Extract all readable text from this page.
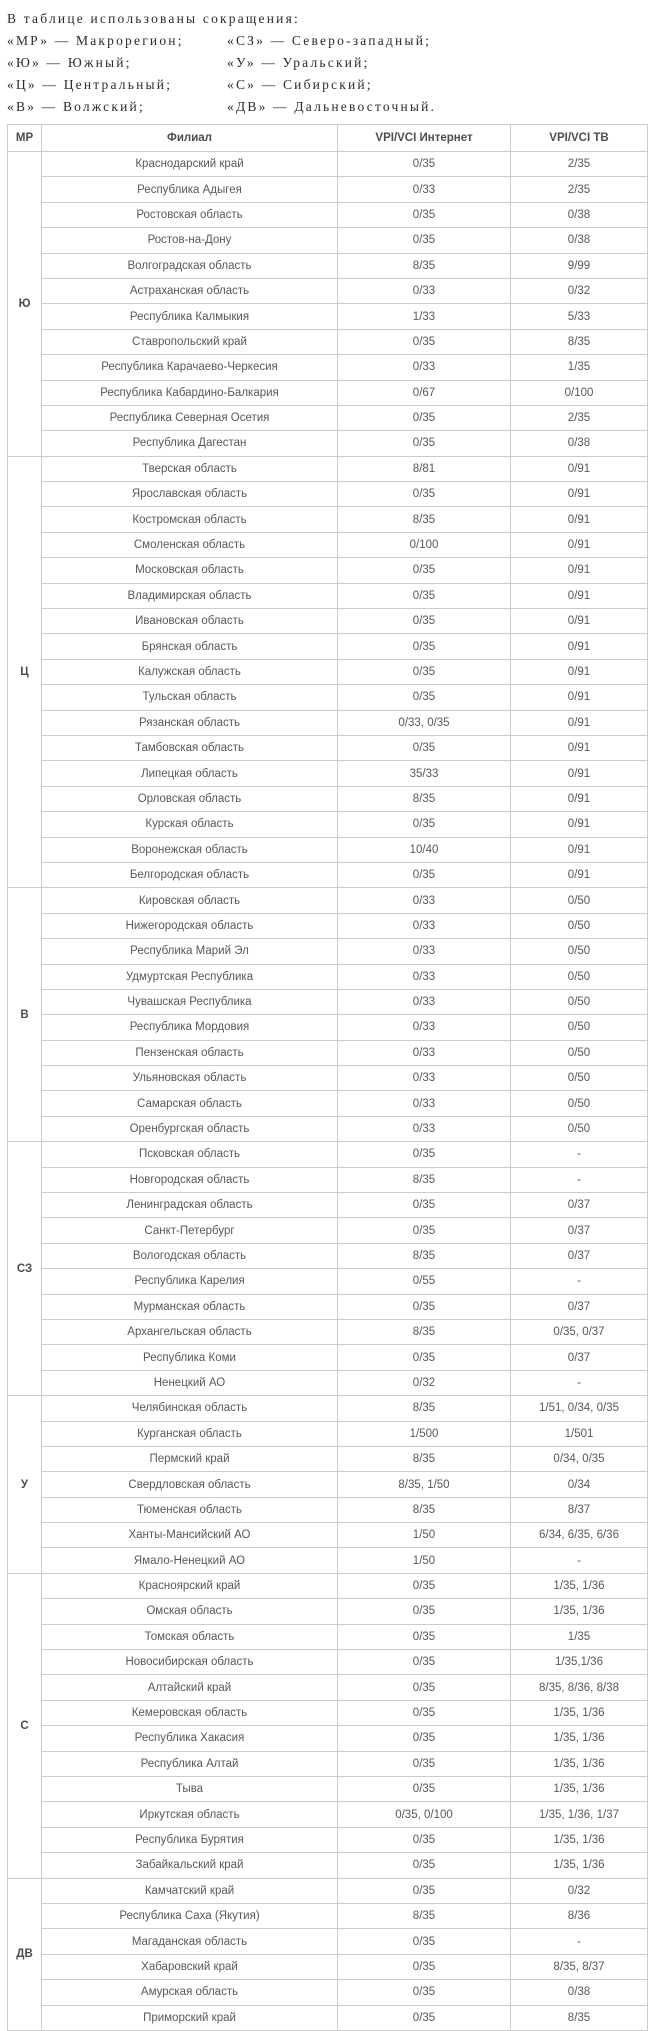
В таблице использованы сокращения:
«МР» — Макрорегион;	«СЗ» — Северо-западный;
«Ю» — Южный;	«У» — Уральский;
«Ц» — Центральный;	«С» — Сибирский;
«В» — Волжский;	«ДВ» — Дальневосточный.
МР	Филиал	VPI/VCI Интернет	VPI/VCI ТВ
Ю	Краснодарский край	0/35	2/35
	Республика Адыгея	0/33	2/35
	Ростовская область	0/35	0/38
	Ростов-на-Дону	0/35	0/38
	Волгоградская область	8/35	9/99
	Астраханская область	0/33	0/32
	Республика Калмыкия	1/33	5/33
	Ставропольский край	0/35	8/35
	Республика Карачаево-Черкесия	0/33	1/35
	Республика Кабардино-Балкария	0/67	0/100
	Республика Северная Осетия	0/35	2/35
	Республика Дагестан	0/35	0/38
Ц	Тверская область	8/81	0/91
	Ярославская область	0/35	0/91
	Костромская область	8/35	0/91
	Смоленская область	0/100	0/91
	Московская область	0/35	0/91
	Владимирская область	0/35	0/91
	Ивановская область	0/35	0/91
	Брянская область	0/35	0/91
	Калужская область	0/35	0/91
	Тульская область	0/35	0/91
	Рязанская область	0/33, 0/35	0/91
	Тамбовская область	0/35	0/91
	Липецкая область	35/33	0/91
	Орловская область	8/35	0/91
	Курская область	0/35	0/91
	Воронежская область	10/40	0/91
	Белгородская область	0/35	0/91
В	Кировская область	0/33	0/50
	Нижегородская область	0/33	0/50
	Республика Марий Эл	0/33	0/50
	Удмуртская Республика	0/33	0/50
	Чувашская Республика	0/33	0/50
	Республика Мордовия	0/33	0/50
	Пензенская область	0/33	0/50
	Ульяновская область	0/33	0/50
	Самарская область	0/33	0/50
	Оренбургская область	0/33	0/50
СЗ	Псковская область	0/35	-
	Новгородская область	8/35	-
	Ленинградская область	0/35	0/37
	Санкт-Петербург	0/35	0/37
	Вологодская область	8/35	0/37
	Республика Карелия	0/55	-
	Мурманская область	0/35	0/37
	Архангельская область	8/35	0/35, 0/37
	Республика Коми	0/35	0/37
	Ненецкий АО	0/32	-
У	Челябинская область	8/35	1/51, 0/34, 0/35
	Курганская область	1/500	1/501
	Пермский край	8/35	0/34, 0/35
	Свердловская область	8/35, 1/50	0/34
	Тюменская область	8/35	8/37
	Ханты-Мансийский АО	1/50	6/34, 6/35, 6/36
	Ямало-Ненецкий АО	1/50	-
С	Красноярский край	0/35	1/35, 1/36
	Омская область	0/35	1/35, 1/36
	Томская область	0/35	1/35
	Новосибирская область	0/35	1/35,1/36
	Алтайский край	0/35	8/35, 8/36, 8/38
	Кемеровская область	0/35	1/35, 1/36
	Республика Хакасия	0/35	1/35, 1/36
	Республика Алтай	0/35	1/35, 1/36
	Тыва	0/35	1/35, 1/36
	Иркутская область	0/35, 0/100	1/35, 1/36, 1/37
	Республика Бурятия	0/35	1/35, 1/36
	Забайкальский край	0/35	1/35, 1/36
ДВ	Камчатский край	0/35	0/32
	Республика Саха (Якутия)	8/35	8/36
	Магаданская область	0/35	-
	Хабаровский край	0/35	8/35, 8/37
	Амурская область	0/35	0/38
	Приморский край	0/35	8/35
